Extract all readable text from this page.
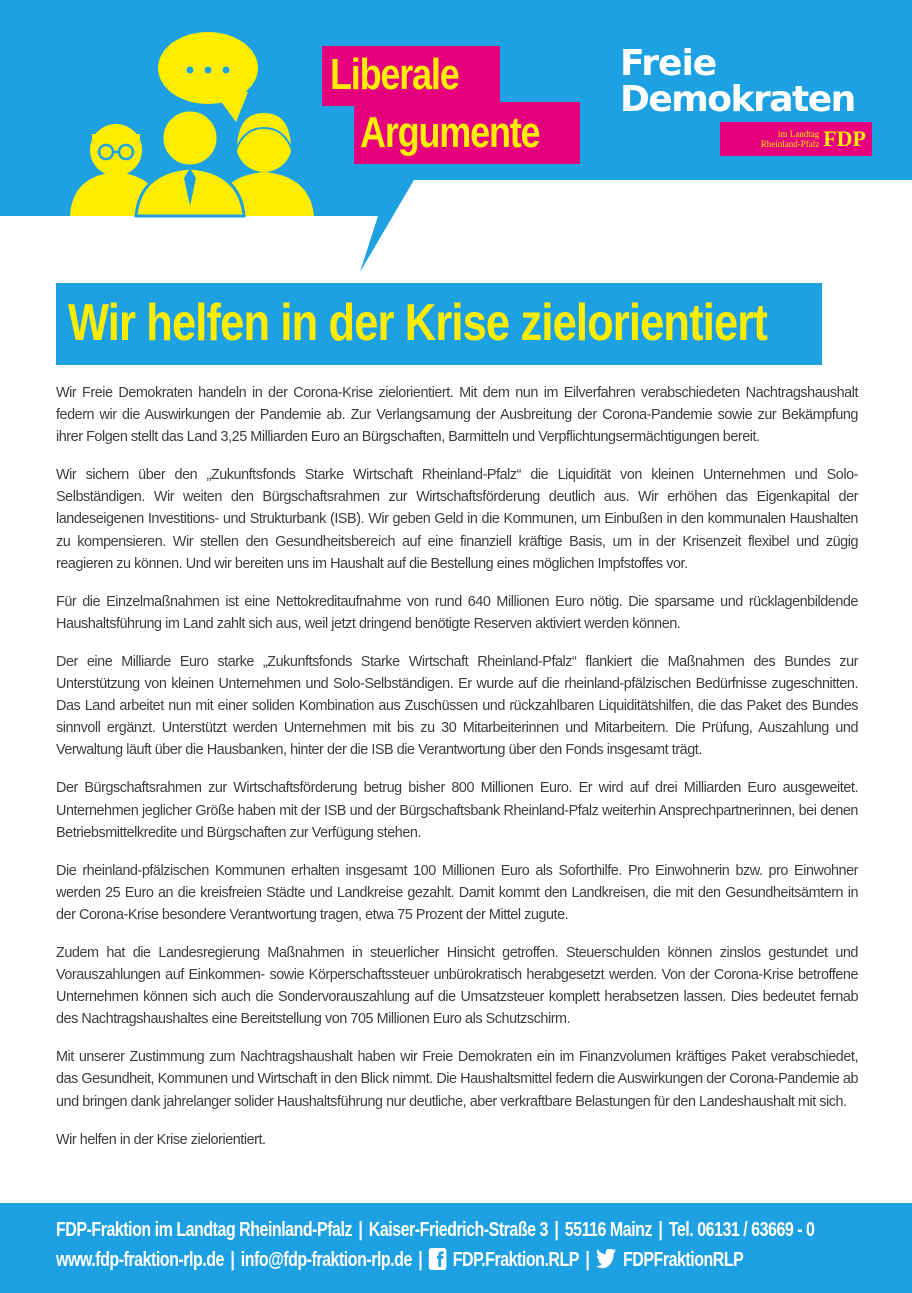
Liberale
Argumente
Freie
Demokraten
im Landtag
Rheinland-Pfalz FDP
Wir helfen in der Krise zielorientiert

Wir Freie Demokraten handeln in der Corona-Krise zielorientiert. Mit dem nun im Eilverfahren verabschiedeten Nachtragshaushalt federn wir die Auswirkungen der Pandemie ab. Zur Verlangsamung der Ausbreitung der Corona-Pandemie sowie zur Bekämpfung ihrer Folgen stellt das Land 3,25 Milliarden Euro an Bürgschaften, Barmitteln und Verpflichtungsermächtigungen bereit.

Wir sichern über den „Zukunftsfonds Starke Wirtschaft Rheinland-Pfalz“ die Liquidität von kleinen Unternehmen und Solo-Selbständigen. Wir weiten den Bürgschaftsrahmen zur Wirtschaftsförderung deutlich aus. Wir erhöhen das Eigenkapital der landeseigenen Investitions- und Strukturbank (ISB). Wir geben Geld in die Kommunen, um Einbußen in den kommunalen Haushalten zu kompensieren. Wir stellen den Gesundheitsbereich auf eine finanziell kräftige Basis, um in der Krisenzeit flexibel und zügig reagieren zu können. Und wir bereiten uns im Haushalt auf die Bestellung eines möglichen Impfstoffes vor.

Für die Einzelmaßnahmen ist eine Nettokreditaufnahme von rund 640 Millionen Euro nötig. Die sparsame und rücklagenbildende Haushaltsführung im Land zahlt sich aus, weil jetzt dringend benötigte Reserven aktiviert werden können.

Der eine Milliarde Euro starke „Zukunftsfonds Starke Wirtschaft Rheinland-Pfalz“ flankiert die Maßnahmen des Bundes zur Unterstützung von kleinen Unternehmen und Solo-Selbständigen. Er wurde auf die rheinland-pfälzischen Bedürfnisse zugeschnitten. Das Land arbeitet nun mit einer soliden Kombination aus Zuschüssen und rückzahlbaren Liquiditätshilfen, die das Paket des Bundes sinnvoll ergänzt. Unterstützt werden Unternehmen mit bis zu 30 Mitarbeiterinnen und Mitarbeitern. Die Prüfung, Auszahlung und Verwaltung läuft über die Hausbanken, hinter der die ISB die Verantwortung über den Fonds insgesamt trägt.

Der Bürgschaftsrahmen zur Wirtschaftsförderung betrug bisher 800 Millionen Euro. Er wird auf drei Milliarden Euro ausgeweitet. Unternehmen jeglicher Größe haben mit der ISB und der Bürgschaftsbank Rheinland-Pfalz weiterhin Ansprechpartnerinnen, bei denen Betriebsmittelkredite und Bürgschaften zur Verfügung stehen.

Die rheinland-pfälzischen Kommunen erhalten insgesamt 100 Millionen Euro als Soforthilfe. Pro Einwohnerin bzw. pro Einwohner werden 25 Euro an die kreisfreien Städte und Landkreise gezahlt. Damit kommt den Landkreisen, die mit den Gesundheitsämtern in der Corona-Krise besondere Verantwortung tragen, etwa 75 Prozent der Mittel zugute.

Zudem hat die Landesregierung Maßnahmen in steuerlicher Hinsicht getroffen. Steuerschulden können zinslos gestundet und Vorauszahlungen auf Einkommen- sowie Körperschaftssteuer unbürokratisch herabgesetzt werden. Von der Corona-Krise betroffene Unternehmen können sich auch die Sondervorauszahlung auf die Umsatzsteuer komplett herabsetzen lassen. Dies bedeutet fernab des Nachtragshaushaltes eine Bereitstellung von 705 Millionen Euro als Schutzschirm.

Mit unserer Zustimmung zum Nachtragshaushalt haben wir Freie Demokraten ein im Finanzvolumen kräftiges Paket verabschiedet, das Gesundheit, Kommunen und Wirtschaft in den Blick nimmt. Die Haushaltsmittel federn die Auswirkungen der Corona-Pandemie ab und bringen dank jahrelanger solider Haushaltsführung nur deutliche, aber verkraftbare Belastungen für den Landeshaushalt mit sich.

Wir helfen in der Krise zielorientiert.

FDP-Fraktion im Landtag Rheinland-Pfalz | Kaiser-Friedrich-Straße 3 | 55116 Mainz | Tel. 06131 / 63669 - 0
www.fdp-fraktion-rlp.de | info@fdp-fraktion-rlp.de | f FDP.Fraktion.RLP | FDPFraktionRLP
